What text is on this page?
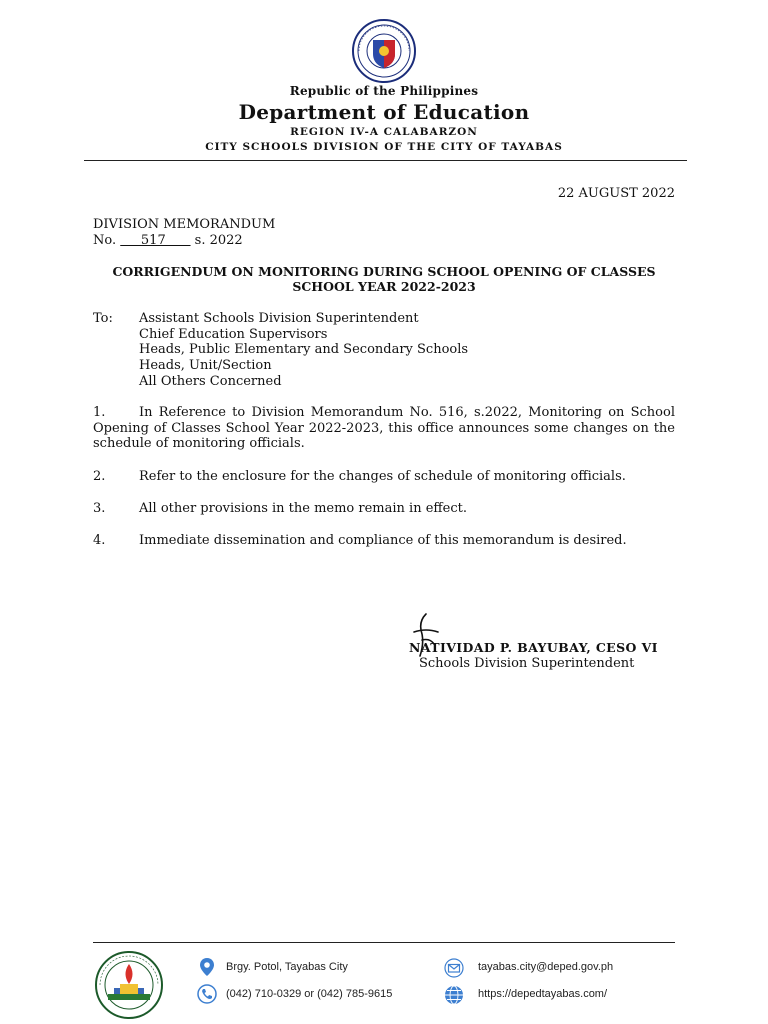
Republic of the Philippines
Department of Education
REGION IV-A CALABARZON
CITY SCHOOLS DIVISION OF THE CITY OF TAYABAS
22 AUGUST 2022
DIVISION MEMORANDUM
No.      517       s. 2022
CORRIGENDUM ON MONITORING DURING SCHOOL OPENING OF CLASSES
SCHOOL YEAR 2022-2023
To: Assistant Schools Division Superintendent
Chief Education Supervisors
Heads, Public Elementary and Secondary Schools
Heads, Unit/Section
All Others Concerned
1.	In Reference to Division Memorandum No. 516, s.2022, Monitoring on School Opening of Classes School Year 2022-2023, this office announces some changes on the schedule of monitoring officials.
2.	Refer to the enclosure for the changes of schedule of monitoring officials.
3.	All other provisions in the memo remain in effect.
4.	Immediate dissemination and compliance of this memorandum is desired.
NATIVIDAD P. BAYUBAY, CESO VI
Schools Division Superintendent
Brgy. Potol, Tayabas City
(042) 710-0329 or (042) 785-9615
tayabas.city@deped.gov.ph
https://depedtayabas.com/
